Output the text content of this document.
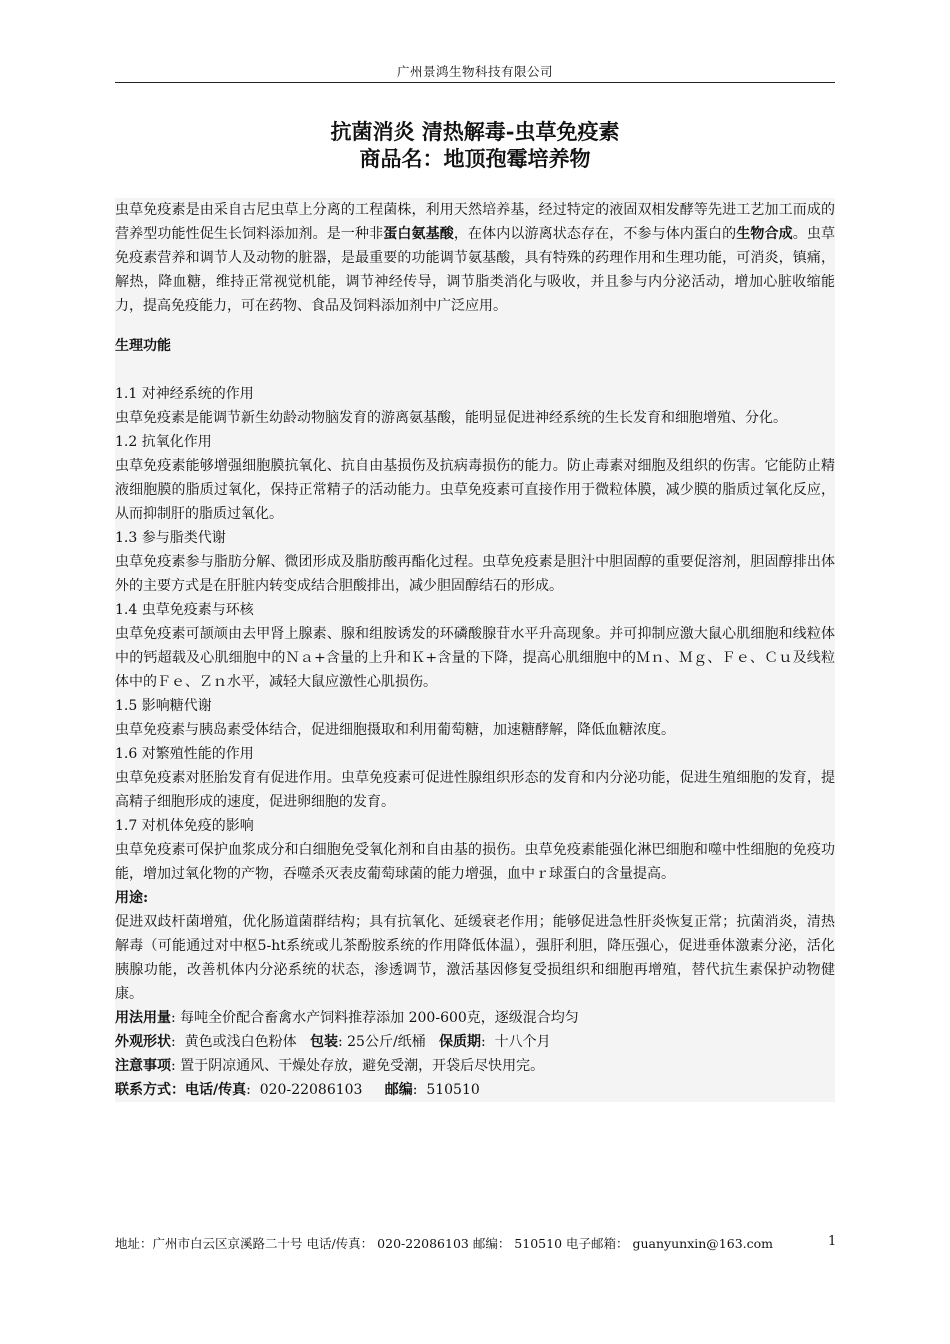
广州景鸿生物科技有限公司
抗菌消炎 清热解毒-虫草免疫素
商品名：地顶孢霉培养物

虫草免疫素是由采自古尼虫草上分离的工程菌株，利用天然培养基，经过特定的液固双相发酵等先进工艺加工而成的营养型功能性促生长饲料添加剂。是一种非蛋白氨基酸，在体内以游离状态存在，不参与体内蛋白的生物合成。虫草免疫素营养和调节人及动物的脏器，是最重要的功能调节氨基酸，具有特殊的药理作用和生理功能，可消炎，镇痛，解热，降血糖，维持正常视觉机能，调节神经传导，调节脂类消化与吸收，并且参与内分泌活动，增加心脏收缩能力，提高免疫能力，可在药物、食品及饲料添加剂中广泛应用。

生理功能

1.1 对神经系统的作用

虫草免疫素是能调节新生幼龄动物脑发育的游离氨基酸，能明显促进神经系统的生长发育和细胞增殖、分化。

1.2 抗氧化作用

虫草免疫素能够增强细胞膜抗氧化、抗自由基损伤及抗病毒损伤的能力。防止毒素对细胞及组织的伤害。它能防止精液细胞膜的脂质过氧化，保持正常精子的活动能力。虫草免疫素可直接作用于微粒体膜，减少膜的脂质过氧化反应，从而抑制肝的脂质过氧化。

1.3 参与脂类代谢

虫草免疫素参与脂肪分解、微团形成及脂肪酸再酯化过程。虫草免疫素是胆汁中胆固醇的重要促溶剂，胆固醇排出体外的主要方式是在肝脏内转变成结合胆酸排出，减少胆固醇结石的形成。

1.4 虫草免疫素与环核

虫草免疫素可颉颃由去甲肾上腺素、腺和组胺诱发的环磷酸腺苷水平升高现象。并可抑制应激大鼠心肌细胞和线粒体中的钙超载及心肌细胞中的Ｎａ+含量的上升和Ｋ+含量的下降，提高心肌细胞中的Ｍｎ、Ｍｇ、Ｆｅ、Ｃｕ及线粒体中的Ｆｅ、Ｚｎ水平，减轻大鼠应激性心肌损伤。

1.5 影响糖代谢

虫草免疫素与胰岛素受体结合，促进细胞摄取和利用葡萄糖，加速糖酵解，降低血糖浓度。

1.6 对繁殖性能的作用

虫草免疫素对胚胎发育有促进作用。虫草免疫素可促进性腺组织形态的发育和内分泌功能，促进生殖细胞的发育，提高精子细胞形成的速度，促进卵细胞的发育。

1.7 对机体免疫的影响

虫草免疫素可保护血浆成分和白细胞免受氧化剂和自由基的损伤。虫草免疫素能强化淋巴细胞和噬中性细胞的免疫功能，增加过氧化物的产物，吞噬杀灭表皮葡萄球菌的能力增强，血中ｒ球蛋白的含量提高。

用途:

促进双歧杆菌增殖，优化肠道菌群结构；具有抗氧化、延缓衰老作用；能够促进急性肝炎恢复正常；抗菌消炎，清热解毒（可能通过对中枢5-ht系统或儿茶酚胺系统的作用降低体温），强肝利胆，降压强心，促进垂体激素分泌，活化胰腺功能，改善机体内分泌系统的状态，渗透调节，激活基因修复受损组织和细胞再增殖，替代抗生素保护动物健康。

用法用量: 每吨全价配合畜禽水产饲料推荐添加 200-600克，逐级混合均匀

外观形状:  黄色或浅白色粉体   包装: 25公斤/纸桶   保质期:  十八个月

注意事项: 置于阴凉通风、干燥处存放，避免受潮，开袋后尽快用完。

联系方式：电话/传真:  020-22086103     邮编:  510510

地址：广州市白云区京溪路二十号 电话/传真： 020-22086103 邮编： 510510 电子邮箱： guanyunxin@163.com	1
